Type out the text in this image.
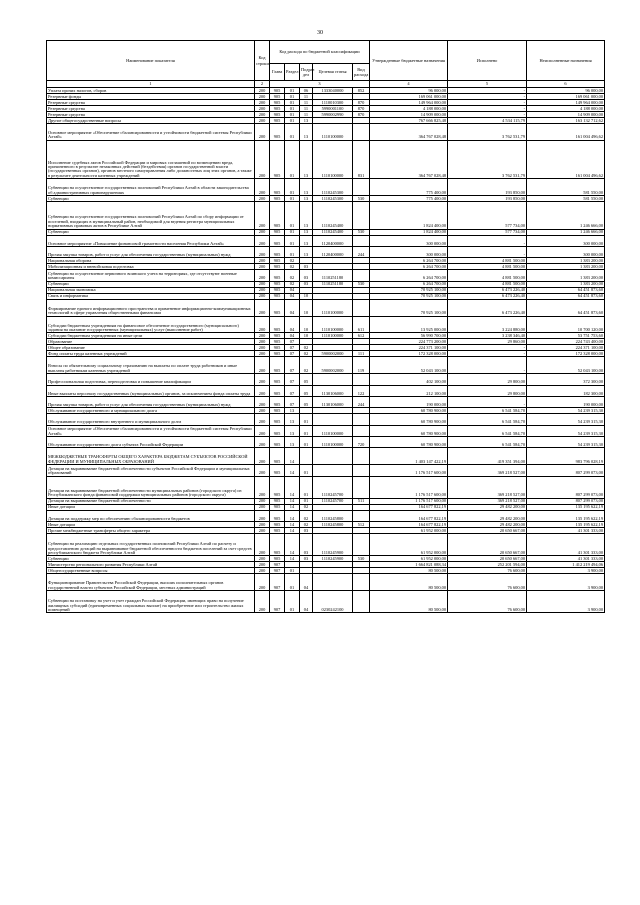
30
Наименование показателя	Код строки	Код расхода по бюджетной классификации					Утвержденные бюджетные назначения	Исполнено	Неисполненные назначения
		Глава	Раздел	Подраз дел	Целевая статья	Вид расхода			
1	2	3					4	5	6
Уплата прочих налогов, сборов	200	905	01	06	1333040000	852	96 000,00	-	96 000,00
Резервные фонды	200	905	01	11			169 061 000,00	-	169 061 000,00
Резервные средства	200	905	01	11	1110010300	870	149 964 000,00	-	149 964 000,00
Резервные средства	200	905	01	11	5990001100	870	4 188 000,00	-	4 188 000,00
Резервные средства	200	905	01	11	5990002990	870	14 909 000,00	-	14 909 000,00
Другие общегосударственные вопросы	200	905	01	13			767 666 825,48	4 534 115,79	163 132 712,62
Основное мероприятие «Обеспечение сбалансированности и устойчивости бюджетной системы Республики Алтай»	200	905	01	13	1110100000		364 767 028,48	3 762 531,79	161 004 496,62
Исполнение судебных актов Российской Федерации и мировых соглашений по возмещению вреда, причиненного в результате незаконных действий (бездействия) органов государственной власти (государственных органов), органов местного самоуправления либо должностных лиц этих органов, а также в результате деятельности казенных учреждений	200	905	01	13	1110100000	831	364 767 028,48	3 762 531,79	161 004 496,62
Субвенции на осуществление государственных полномочий Республики Алтай в области законодательства об административных правонарушениях	200	905	01	13	1110245300		775 400,00	193 850,00	581 550,00
Субвенции	200	905	01	13	1110245300	530	775 400,00	193 850,00	581 550,00
Субвенции на осуществление государственных полномочий Республики Алтай по сбору информации от поселений, входящих в муниципальный район, необходимой для ведения регистра муниципальных нормативных правовых актов в Республике Алтай	200	905	01	13	1110245400		1 824 400,00	577 734,00	1 246 666,00
Субвенции	200	905	01	13	1110245400	530	1 824 400,00	577 734,00	1 246 666,00
Основное мероприятие «Повышение финансовой грамотности населения Республики Алтай»	200	905	01	13	1120400000		300 000,00	-	300 000,00
Прочая закупка товаров, работ и услуг для обеспечения государственных (муниципальных) нужд	200	905	01	13	1120400000	244	300 000,00	-	300 000,00
Национальная оборона	200	905	02				6 264 700,00	4 881 500,00	1 383 200,00
Мобилизационная и вневойсковая подготовка	200	905	02	03			6 264 700,00	4 881 500,00	1 383 200,00
Субвенции на осуществление первичного воинского учета на территориях, где отсутствуют военные комиссариаты	200	905	02	03	1110251180		6 264 700,00	4 881 500,00	1 383 200,00
Субвенции	200	905	02	03	1110251180	530	6 264 700,00	4 881 500,00	1 383 200,00
Национальная экономика	200	905	04				70 925 100,00	6 473 226,40	64 451 873,60
Связь и информатика	200	905	04	10			70 925 100,00	6 473 226,40	64 451 873,60
Формирование единого информационного пространства и применение информационно-коммуникационных технологий в сфере управления общественными финансами	200	905	04	10	1110100000		70 925 100,00	6 473 226,40	64 451 873,60
Субсидии бюджетным учреждениям на финансовое обеспечение государственного (муниципального) задания на оказание государственных (муниципальных) услуг (выполнение работ)	200	905	04	10	1110100000	611	13 925 000,00	3 224 880,00	10 700 120,00
Субсидии бюджетным учреждениям на иные цели	200	905	04	10	1110100000	612	56 990 700,00	3 238 346,40	53 751 753,60
Образование	200	905	07				224 773 200,00	29 860,00	224 743 400,00
Общее образование	200	905	07	02			224 371 100,00	-	224 371 100,00
Фонд оплаты труда казенных учреждений	200	905	07	02	5900002000	111	172 328 000,00	-	172 328 000,00
Взносы по обязательному социальному страхованию на выплаты по оплате труда работников и иные выплаты работникам казенных учреждений	200	905	07	02	5900002000	119	52 043 100,00	-	52 043 100,00
Профессиональная подготовка, переподготовка и повышение квалификации	200	905	07	05			402 100,00	29 800,00	372 300,00
Иные выплаты персоналу государственных (муниципальных) органов, за исключением фонда оплаты труда	200	905	07	05	1130106000	122	212 100,00	29 800,00	182 300,00
Прочая закупка товаров, работ и услуг для обеспечения государственных (муниципальных) нужд	200	905	07	05	1130106000	244	190 000,00	-	190 000,00
Обслуживание государственного и муниципального долга	200	905	13				60 780 900,00	6 541 584,70	54 239 315,30
Обслуживание государственного внутреннего и муниципального долга	200	905	13	01			60 780 900,00	6 541 584,70	54 239 315,30
Основное мероприятие «Обеспечение сбалансированности и устойчивости бюджетной системы Республики Алтай»	200	905	13	01	1110100000		60 780 900,00	6 541 584,70	54 239 315,30
Обслуживание государственного долга субъекта Российской Федерации	200	905	13	01	1110100000	720	60 780 900,00	6 541 584,70	54 239 315,30
МЕЖБЮДЖЕТНЫЕ ТРАНСФЕРТЫ ОБЩЕГО ХАРАКТЕРА БЮДЖЕТАМ СУБЪЕКТОВ РОССИЙСКОЙ ФЕДЕРАЦИИ И МУНИЦИПАЛЬНЫХ ОБРАЗОВАНИЙ	200	905	14				1 403 147 422,19	419 351 394,00	983 796 028,19
Дотации на выравнивание бюджетной обеспеченности субъектов Российской Федерации и муниципальных образований	200	905	14	01			1 176 517 600,00	369 218 527,00	807 299 073,00
Дотации на выравнивание бюджетной обеспеченности муниципальных районов (городского округа) из Республиканского фонда финансовой поддержки муниципальных районов (городского округа)	200	905	14	01	1110245700		1 176 517 600,00	369 218 527,00	807 299 073,00
Дотации на выравнивание бюджетной обеспеченности	200	905	14	01	1110245700	511	1 176 517 600,00	369 218 527,00	807 299 073,00
Иные дотации	200	905	14	02			164 677 822,19	29 482 200,00	135 195 622,19
Дотации на поддержку мер по обеспечению сбалансированности бюджетов	200	905	14	02	1110245800		164 677 822,19	29 482 200,00	135 195 622,19
Иные дотации	200	905	14	02	1110245800	512	164 677 822,19	29 482 200,00	135 195 622,19
Прочие межбюджетные трансферты общего характера	200	905	14	03			61 952 000,00	20 650 667,00	41 301 333,00
Субвенции на реализацию отдельных государственных полномочий Республики Алтай по расчету и предоставлению дотаций на выравнивание бюджетной обеспеченности бюджетов поселений за счет средств республиканского бюджета Республики Алтай	200	905	14	03	1110245900		61 952 000,00	20 650 667,00	41 301 333,00
Субвенции	200	905	14	03	1110245900	530	61 952 000,00	20 650 667,00	41 301 333,00
Министерство регионального развития Республики Алтай	200	907					1 664 821 088,34	252 201 594,00	1 412 219 494,06
Общегосударственные вопросы	200	907	01				80 500,00	76 600,00	3 900,00
Функционирование Правительства Российской Федерации, высших исполнительных органов государственной власти субъектов Российской Федерации, местных администраций	200	907	01	04			80 500,00	76 600,00	3 900,00
Субвенции на постановку на учет и учет граждан Российской Федерации, имеющих право на получение жилищных субсидий (единовременных социальных выплат) на приобретение или строительство жилых помещений	200	907	01	04	0230242100		80 500,00	76 600,00	3 900,00
